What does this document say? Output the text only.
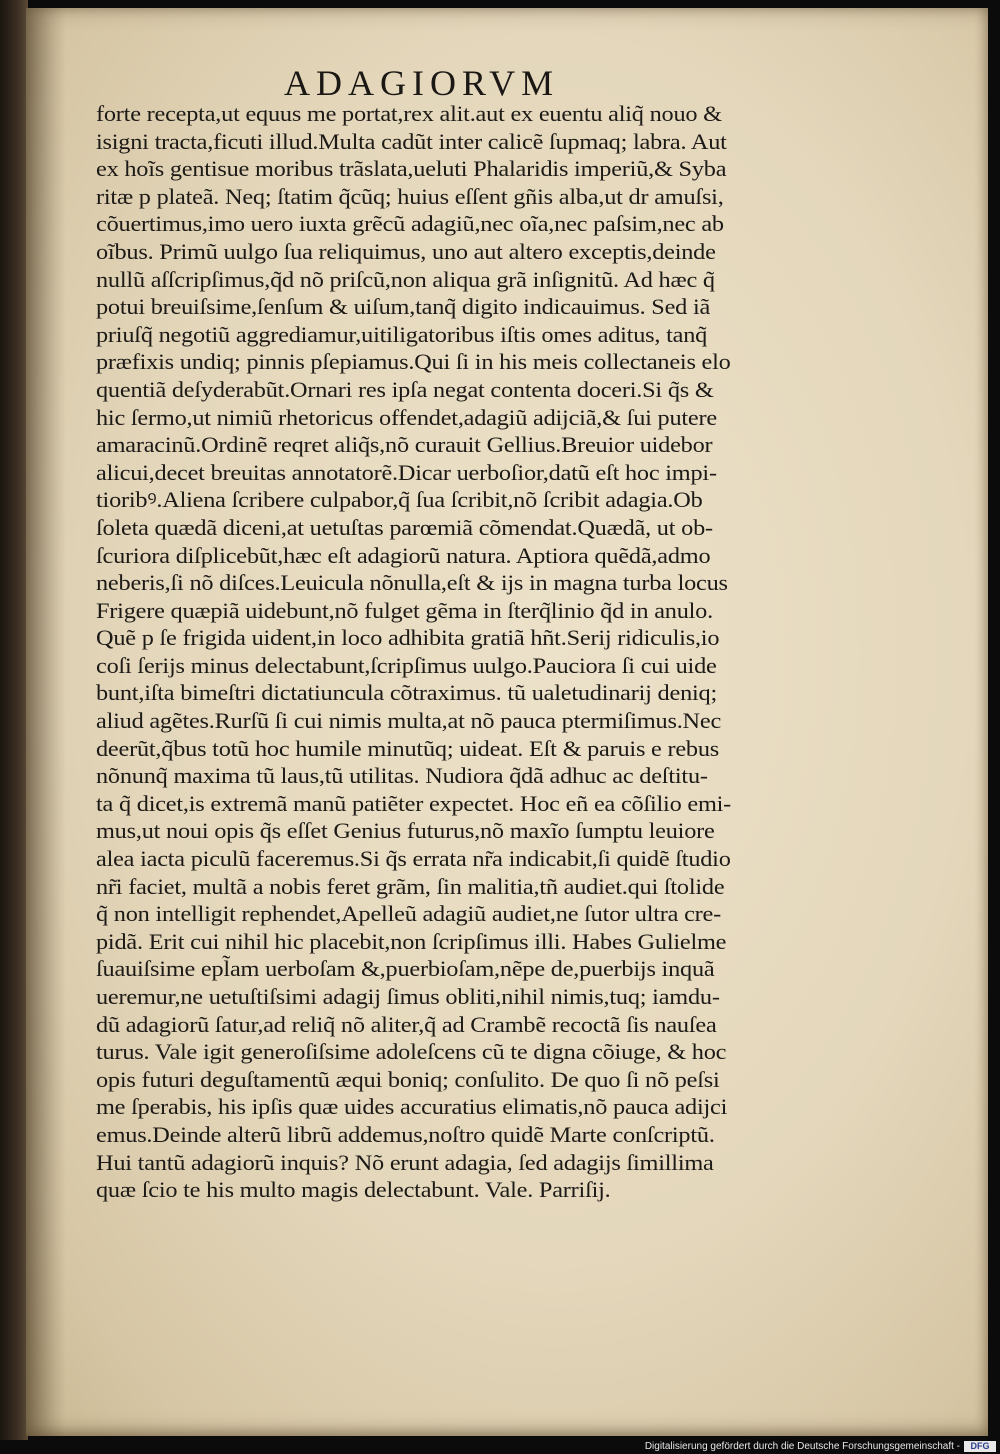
ADAGIORVM
forte recepta,ut equus me portat,rex alit.aut ex euentu aliq̃ nouo &
isigni tracta,ficuti illud.Multa cadũt inter calicẽ ſupmaq; labra. Aut
ex hoĩs gentisue moribus trãslata,ueluti Phalaridis imperiũ,& Syba
ritæ p plateã. Neq; ſtatim q̃cũq; huius eſſent gñis alba,ut dr amuſsi,
cõuertimus,imo uero iuxta grẽcũ adagiũ,nec oĩa,nec paſsim,nec ab
oĩbus. Primũ uulgo ſua reliquimus, uno aut altero exceptis,deinde
nullũ aſſcripſimus,q̃d nõ priſcũ,non aliqua grã inſignitũ. Ad hæc q̃
potui breuiſsime,ſenſum & uiſum,tanq̃ digito indicauimus. Sed iã
priuſq̃ negotiũ aggrediamur,uitiligatoribus iſtis omes aditus, tanq̃
præfixis undiq; pinnis pſepiamus.Qui ſi in his meis collectaneis elo
quentiã deſyderabũt.Ornari res ipſa negat contenta doceri.Si q̃s &
hic ſermo,ut nimiũ rhetoricus offendet,adagiũ adijciã,& ſui putere
amaracinũ.Ordinẽ reqret aliq̃s,nõ curauit Gellius.Breuior uidebor
alicui,decet breuitas annotatorẽ.Dicar uerboſior,datũ eſt hoc impi-
tioribꝰ.Aliena ſcribere culpabor,q̃ ſua ſcribit,nõ ſcribit adagia.Ob
ſoleta quædã diceni,at uetuſtas parœmiã cõmendat.Quædã, ut ob-
ſcuriora diſplicebũt,hæc eſt adagiorũ natura. Aptiora quẽdã,admo
neberis,ſi nõ diſces.Leuicula nõnulla,eſt & ijs in magna turba locus
Frigere quæpiã uidebunt,nõ fulget gẽma in ſterq̃linio q̃d in anulo.
Quẽ p ſe frigida uident,in loco adhibita gratiã hñt.Serij ridiculis,io
coſi ſerijs minus delectabunt,ſcripſimus uulgo.Pauciora ſi cui uide
bunt,iſta bimeſtri dictatiuncula cõtraximus. tũ ualetudinarij deniq;
aliud agẽtes.Rurſũ ſi cui nimis multa,at nõ pauca ptermiſimus.Nec
deerũt,q̃bus totũ hoc humile minutũq; uideat. Eſt & paruis e rebus
nõnunq̃ maxima tũ laus,tũ utilitas. Nudiora q̃dã adhuc ac deſtitu-
ta q̃ dicet,is extremã manũ patiẽter expectet. Hoc eñ ea cõſilio emi-
mus,ut noui opis q̃s eſſet Genius futurus,nõ maxĩo ſumptu leuiore
alea iacta piculũ faceremus.Si q̃s errata nr̃a indicabit,ſi quidẽ ſtudio
nr̃i faciet, multã a nobis feret grãm, ſin malitia,tñ audiet.qui ſtolide
q̃ non intelligit rephendet,Apelleũ adagiũ audiet,ne ſutor ultra cre-
pidã. Erit cui nihil hic placebit,non ſcripſimus illi. Habes Gulielme
ſuauiſsime epl̃am uerboſam &,puerbioſam,nẽpe de,puerbijs inquã
ueremur,ne uetuſtiſsimi adagij ſimus obliti,nihil nimis,tuq; iamdu-
dũ adagiorũ ſatur,ad reliq̃ nõ aliter,q̃ ad Crambẽ recoctã ſis nauſea
turus. Vale igit generoſiſsime adoleſcens cũ te digna cõiuge, & hoc
opis futuri deguſtamentũ æqui boniq; conſulito. De quo ſi nõ peſsi
me ſperabis, his ipſis quæ uides accuratius elimatis,nõ pauca adijci
emus.Deinde alterũ librũ addemus,noſtro quidẽ Marte conſcriptũ.
Hui tantũ adagiorũ inquis? Nõ erunt adagia, ſed adagijs ſimillima
quæ ſcio te his multo magis delectabunt. Vale. Parriſij.
Digitalisierung gefördert durch die Deutsche Forschungsgemeinschaft -	DFG
